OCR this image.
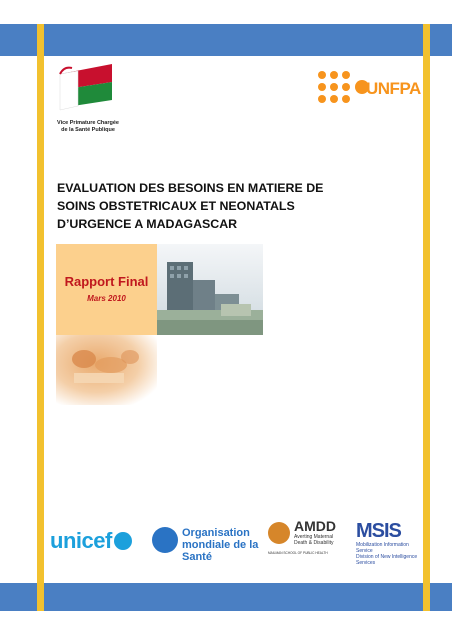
Vice Primature Chargée
de la Santé Publique
UNFPA
EVALUATION DES BESOINS EN MATIERE DE
SOINS OBSTETRICAUX ET NEONATALS
D’URGENCE A MADAGASCAR
Rapport Final
Mars 2010
unicef	Organisation
mondiale de la Santé
AMDD
Averting Maternal
Death & Disability
MAILMAN SCHOOL OF PUBLIC HEALTH
MSIS
Mobilization Information Service
Division of New Intelligence Services
